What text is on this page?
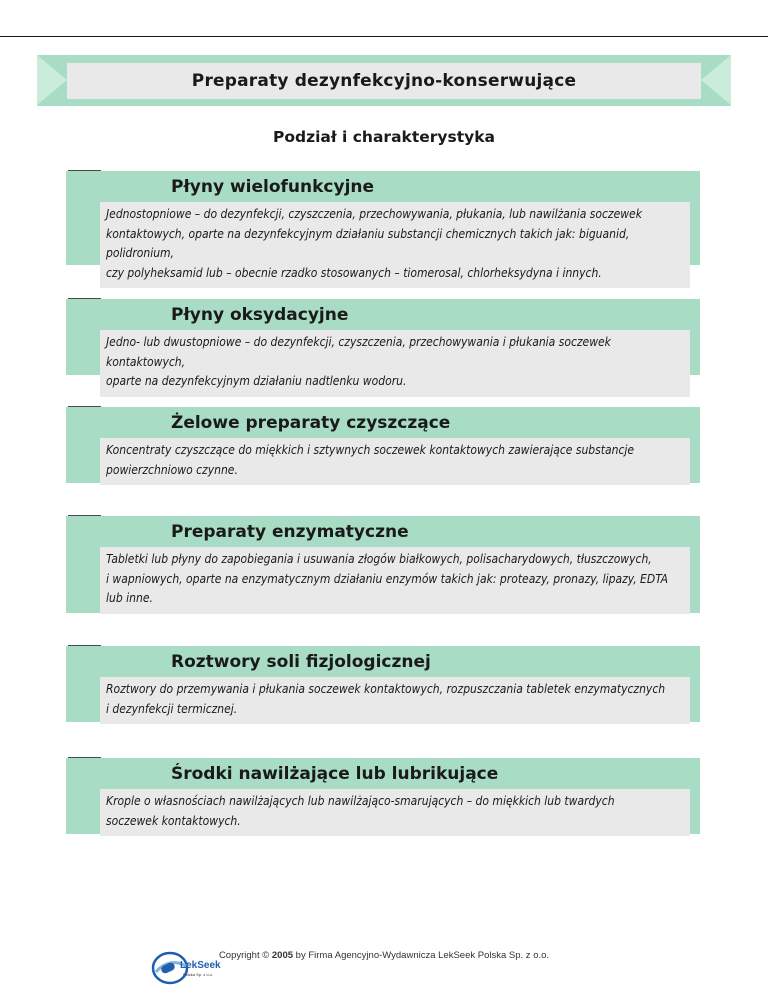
Preparaty dezynfekcyjno-konserwujące
Podział i charakterystyka
Płyny wielofunkcyjne
Jednostopniowe – do dezynfekcji, czyszczenia, przechowywania, płukania, lub nawilżania soczewek
kontaktowych, oparte na dezynfekcyjnym działaniu substancji chemicznych takich jak: biguanid, polidronium,
czy polyheksamid lub – obecnie rzadko stosowanych – tiomerosal, chlorheksydyna i innych.
Płyny oksydacyjne
Jedno- lub dwustopniowe – do dezynfekcji, czyszczenia, przechowywania i płukania soczewek kontaktowych,
oparte na dezynfekcyjnym działaniu nadtlenku wodoru.
Żelowe preparaty czyszczące
Koncentraty czyszczące do miękkich i sztywnych soczewek kontaktowych zawierające substancje
powierzchniowo czynne.
Preparaty enzymatyczne
Tabletki lub płyny do zapobiegania i usuwania złogów białkowych, polisacharydowych, tłuszczowych,
i wapniowych, oparte na enzymatycznym działaniu enzymów takich jak: proteazy, pronazy, lipazy, EDTA
lub inne.
Roztwory soli fizjologicznej
Roztwory do przemywania i płukania soczewek kontaktowych, rozpuszczania tabletek enzymatycznych
i dezynfekcji termicznej.
Środki nawilżające lub lubrikujące
Krople o własnościach nawilżających lub nawilżająco-smarujących – do miękkich lub twardych
soczewek kontaktowych.
Copyright © 2005 by Firma Agencyjno-Wydawnicza LekSeek Polska Sp. z o.o.
LekSeek
Polska Sp. z o.o.
